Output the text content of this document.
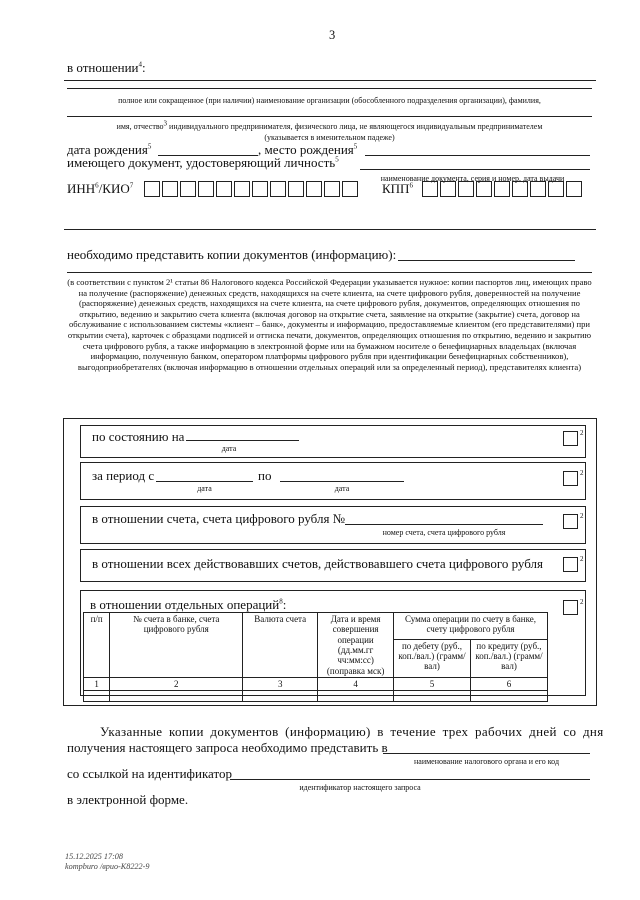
3
в отношении$^4$:
полное или сокращенное (при наличии) наименование организации (обособленного подразделения организации), фамилия,
имя, отчество$^3$ индивидуального предпринимателя, физического лица, не являющегося индивидуальным предпринимателем
(указывается в именительном падеже)
дата рождения$^5$	, место рождения$^5$
имеющего документ, удостоверяющий личность$^5$
наименование документа, серия и номер, дата выдачи
ИНН$^6$/КИО$^7$	КПП$^6$
необходимо представить копии документов (информацию):
(в соответствии с пунктом 2¹ статьи 86 Налогового кодекса Российской Федерации указывается нужное: копии паспортов лиц, имеющих право на получение (распоряжение) денежных средств, находящихся на счете клиента, на счете цифрового рубля, доверенностей на получение (распоряжение) денежных средств, находящихся на счете клиента, на счете цифрового рубля, документов, определяющих отношения по открытию, ведению и закрытию счета клиента (включая договор на открытие счета, заявление на открытие (закрытие) счета, договор на обслуживание с использованием системы «клиент – банк», документы и информацию, предоставляемые клиентом (его представителями) при открытии счета), карточек с образцами подписей и оттиска печати, документов, определяющих отношения по открытию, ведению и закрытию счета цифрового рубля, а также информацию в электронной форме или на бумажном носителе о бенефициарных владельцах (включая информацию, полученную банком, оператором платформы цифрового рубля при идентификации бенефициарных собственников), выгодоприобретателях (включая информацию в отношении отдельных операций или за определенный период), представителях клиента)
по состоянию на
дата
2
за период с
дата
по
дата
2
в отношении счета, счета цифрового рубля №
номер счета, счета цифрового рубля
2
в отношении всех действовавших счетов, действовавшего счета цифрового рубля	2
в отношении отдельных операций$^8$:	2
п/п	№ счета в банке, счета цифрового рубля	Валюта счета	Дата и время совершения операции (дд.мм.гг чч:мм:сс) (поправка мск)	Сумма операции по счету в банке, счету цифрового рубля	
				по дебету (руб., коп./вал.) (грамм/вал)	по кредиту (руб., коп./вал.) (грамм/вал)
1	2	3	4	5	6

Указанные копии документов (информацию) в течение трех рабочих дней со дня
получения настоящего запроса необходимо представить в
наименование налогового органа и его код
со ссылкой на идентификатор
идентификатор настоящего запроса
в электронной форме.
15.12.2025 17:08
kompburo /врио-K8222-9
